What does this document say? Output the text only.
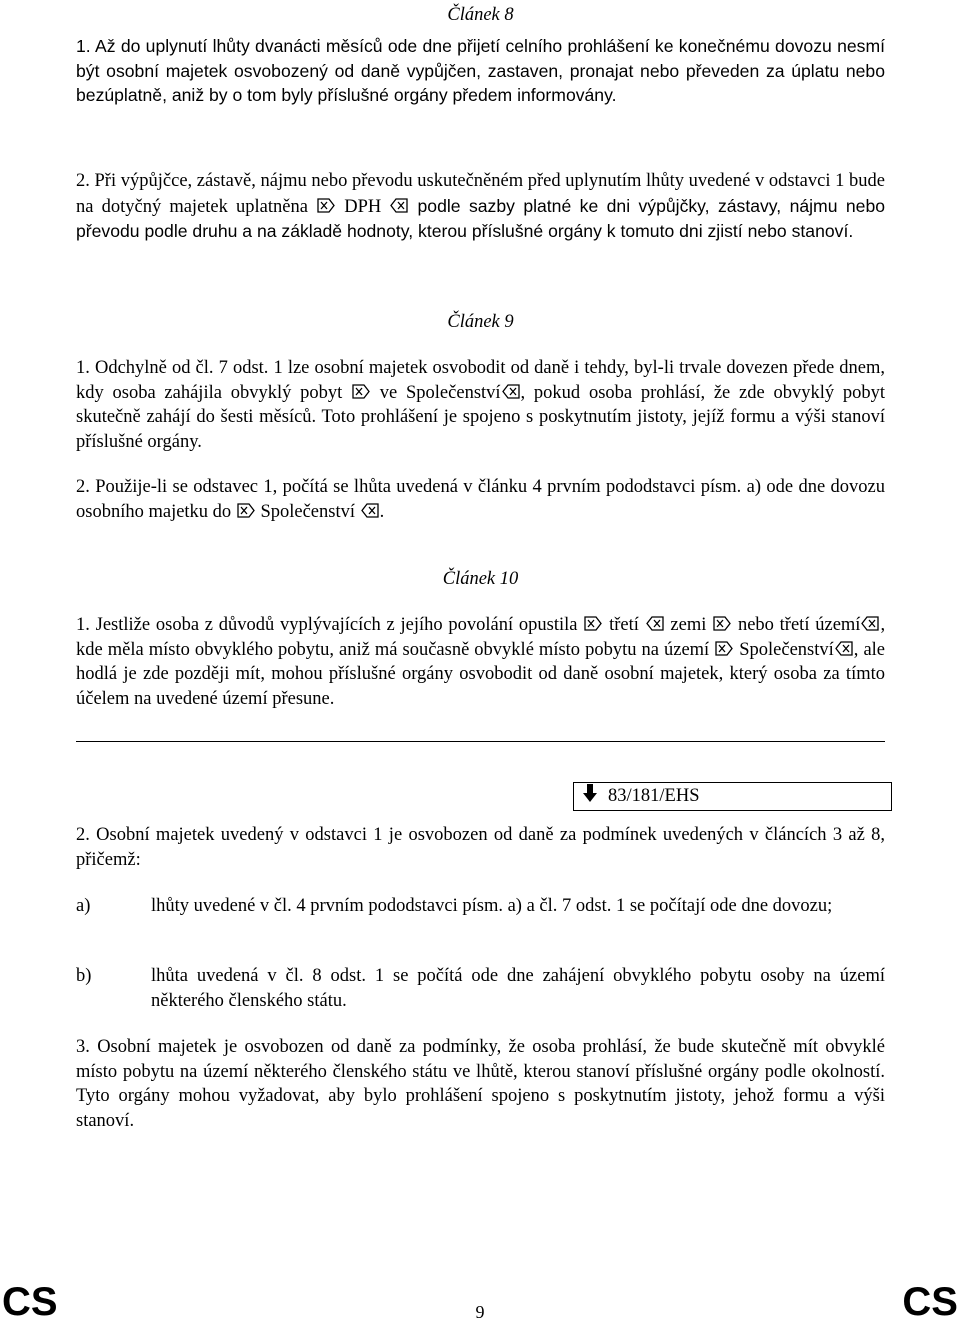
Článek 8
1. Až do uplynutí lhůty dvanácti měsíců ode dne přijetí celního prohlášení ke konečnému dovozu nesmí být osobní majetek osvobozený od daně vypůjčen, zastaven, pronajat nebo převeden za úplatu nebo bezúplatně, aniž by o tom byly příslušné orgány předem informovány.
2. Při výpůjčce, zástavě, nájmu nebo převodu uskutečněném před uplynutím lhůty uvedené v odstavci 1 bude na dotyčný majetek uplatněna DPH podle sazby platné ke dni výpůjčky, zástavy, nájmu nebo převodu podle druhu a na základě hodnoty, kterou příslušné orgány k tomuto dni zjistí nebo stanoví.
Článek 9
1. Odchylně od čl. 7 odst. 1 lze osobní majetek osvobodit od daně i tehdy, byl-li trvale dovezen přede dnem, kdy osoba zahájila obvyklý pobyt ve Společenství , pokud osoba prohlásí, že zde obvyklý pobyt skutečně zahájí do šesti měsíců. Toto prohlášení je spojeno s poskytnutím jistoty, jejíž formu a výši stanoví příslušné orgány.
2. Použije-li se odstavec 1, počítá se lhůta uvedená v článku 4 prvním pododstavci písm. a) ode dne dovozu osobního majetku do Společenství .
Článek 10
1. Jestliže osoba z důvodů vyplývajících z jejího povolání opustila třetí zemi nebo třetí území , kde měla místo obvyklého pobytu, aniž má současně obvyklé místo pobytu na území Společenství , ale hodlá je zde později mít, mohou příslušné orgány osvobodit od daně osobní majetek, který osoba za tímto účelem na uvedené území přesune.
83/181/EHS
2. Osobní majetek uvedený v odstavci 1 je osvobozen od daně za podmínek uvedených v článcích 3 až 8, přičemž:
a)	lhůty uvedené v čl. 4 prvním pododstavci písm. a) a čl. 7 odst. 1 se počítají ode dne dovozu;
b)	lhůta uvedená v čl. 8 odst. 1 se počítá ode dne zahájení obvyklého pobytu osoby na území některého členského státu.
3. Osobní majetek je osvobozen od daně za podmínky, že osoba prohlásí, že bude skutečně mít obvyklé místo pobytu na území některého členského státu ve lhůtě, kterou stanoví příslušné orgány podle okolností. Tyto orgány mohou vyžadovat, aby bylo prohlášení spojeno s poskytnutím jistoty, jehož formu a výši stanoví.
CS	9	CS
